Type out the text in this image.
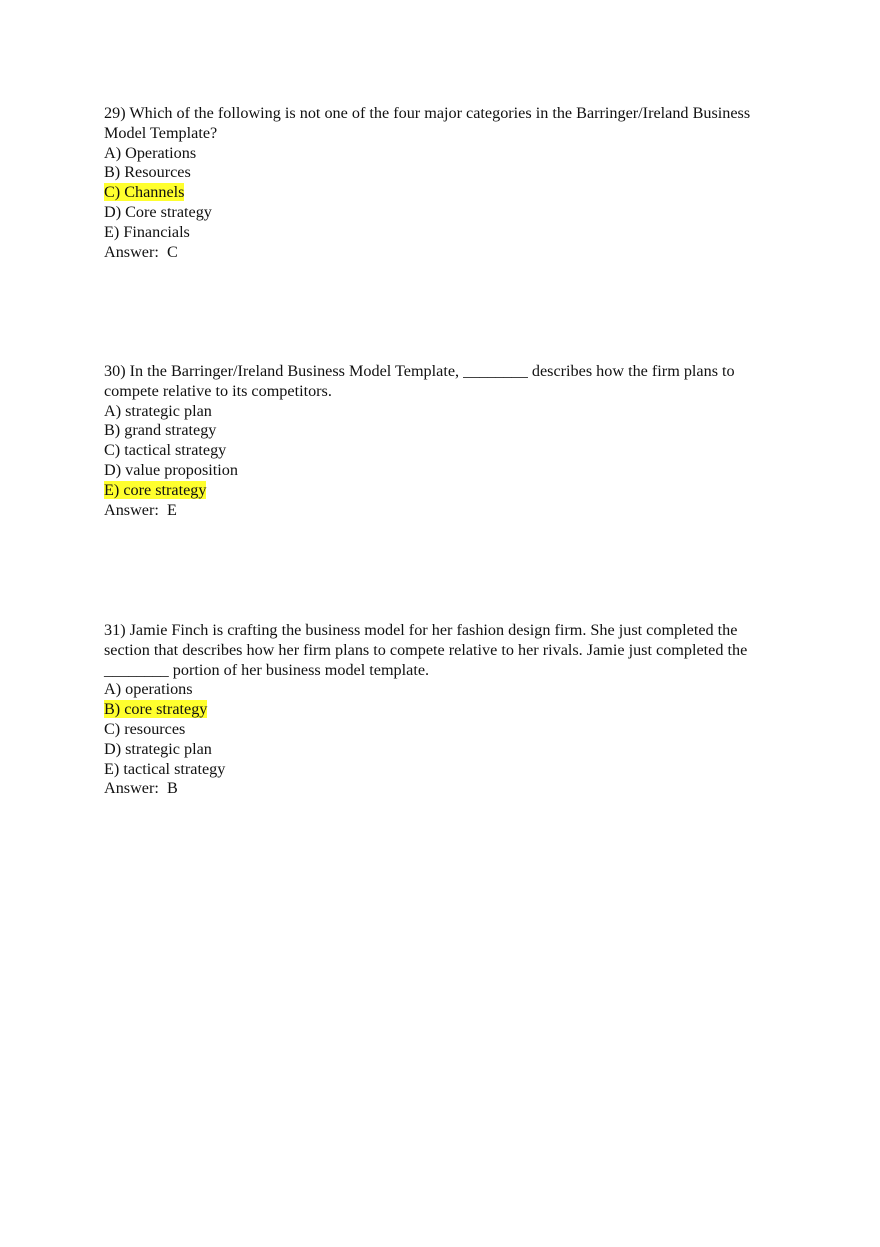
29) Which of the following is not one of the four major categories in the Barringer/Ireland Business Model Template?

A) Operations
B) Resources
C) Channels
D) Core strategy
E) Financials

Answer:  C

30) In the Barringer/Ireland Business Model Template, ________ describes how the firm plans to compete relative to its competitors.

A) strategic plan
B) grand strategy
C) tactical strategy
D) value proposition
E) core strategy

Answer:  E

31) Jamie Finch is crafting the business model for her fashion design firm. She just completed the section that describes how her firm plans to compete relative to her rivals. Jamie just completed the ________ portion of her business model template.

A) operations
B) core strategy
C) resources
D) strategic plan
E) tactical strategy

Answer:  B
